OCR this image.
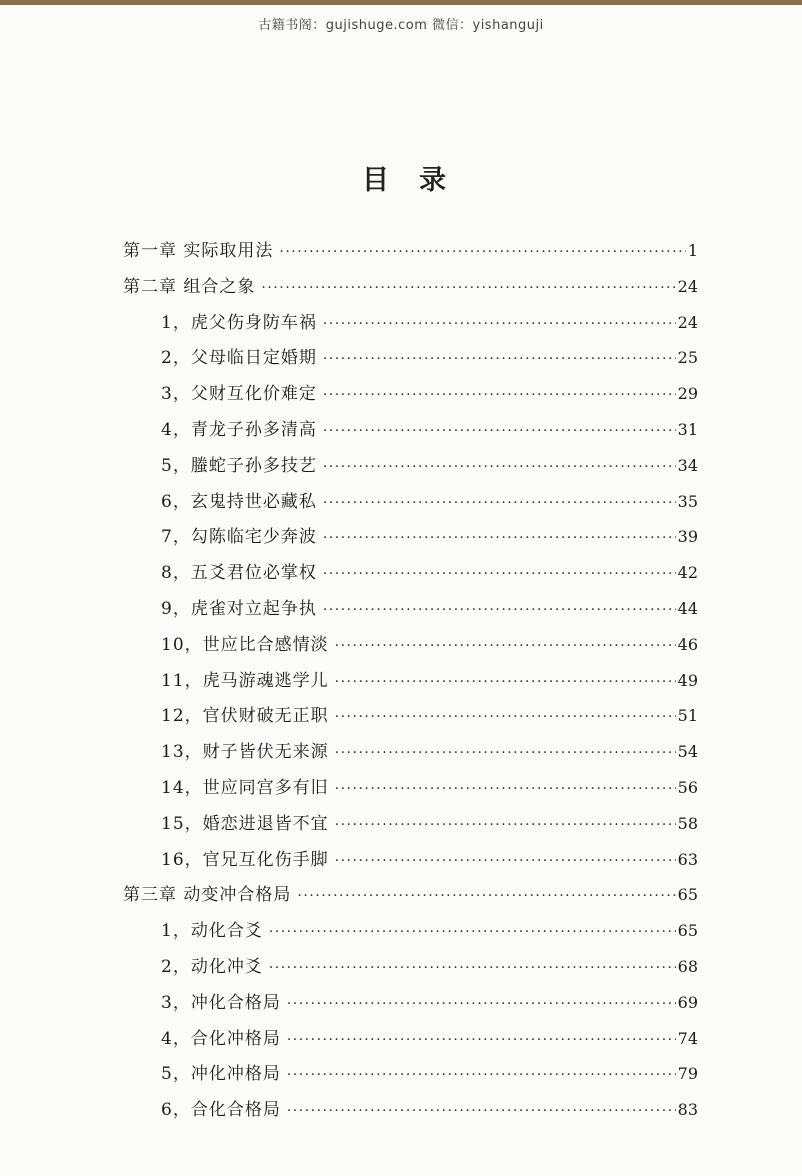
古籍书阁：gujishuge.com 微信：yishanguji
目录
第一章 实际取用法 ·····	1
第二章 组合之象 ·····	24
1，虎父伤身防车祸 ·····	24
2，父母临日定婚期 ·····	25
3，父财互化价难定 ·····	29
4，青龙子孙多清高 ·····	31
5，螣蛇子孙多技艺 ·····	34
6，玄鬼持世必藏私 ·····	35
7，勾陈临宅少奔波 ·····	39
8，五爻君位必掌权 ·····	42
9，虎雀对立起争执 ·····	44
10，世应比合感情淡 ·····	46
11，虎马游魂逃学儿 ·····	49
12，官伏财破无正职 ·····	51
13，财子皆伏无来源 ·····	54
14，世应同宫多有旧 ·····	56
15，婚恋进退皆不宜 ·····	58
16，官兄互化伤手脚 ·····	63
第三章 动变冲合格局 ·····	65
1，动化合爻 ·····	65
2，动化冲爻 ·····	68
3，冲化合格局 ·····	69
4，合化冲格局 ·····	74
5，冲化冲格局 ·····	79
6，合化合格局 ·····	83
